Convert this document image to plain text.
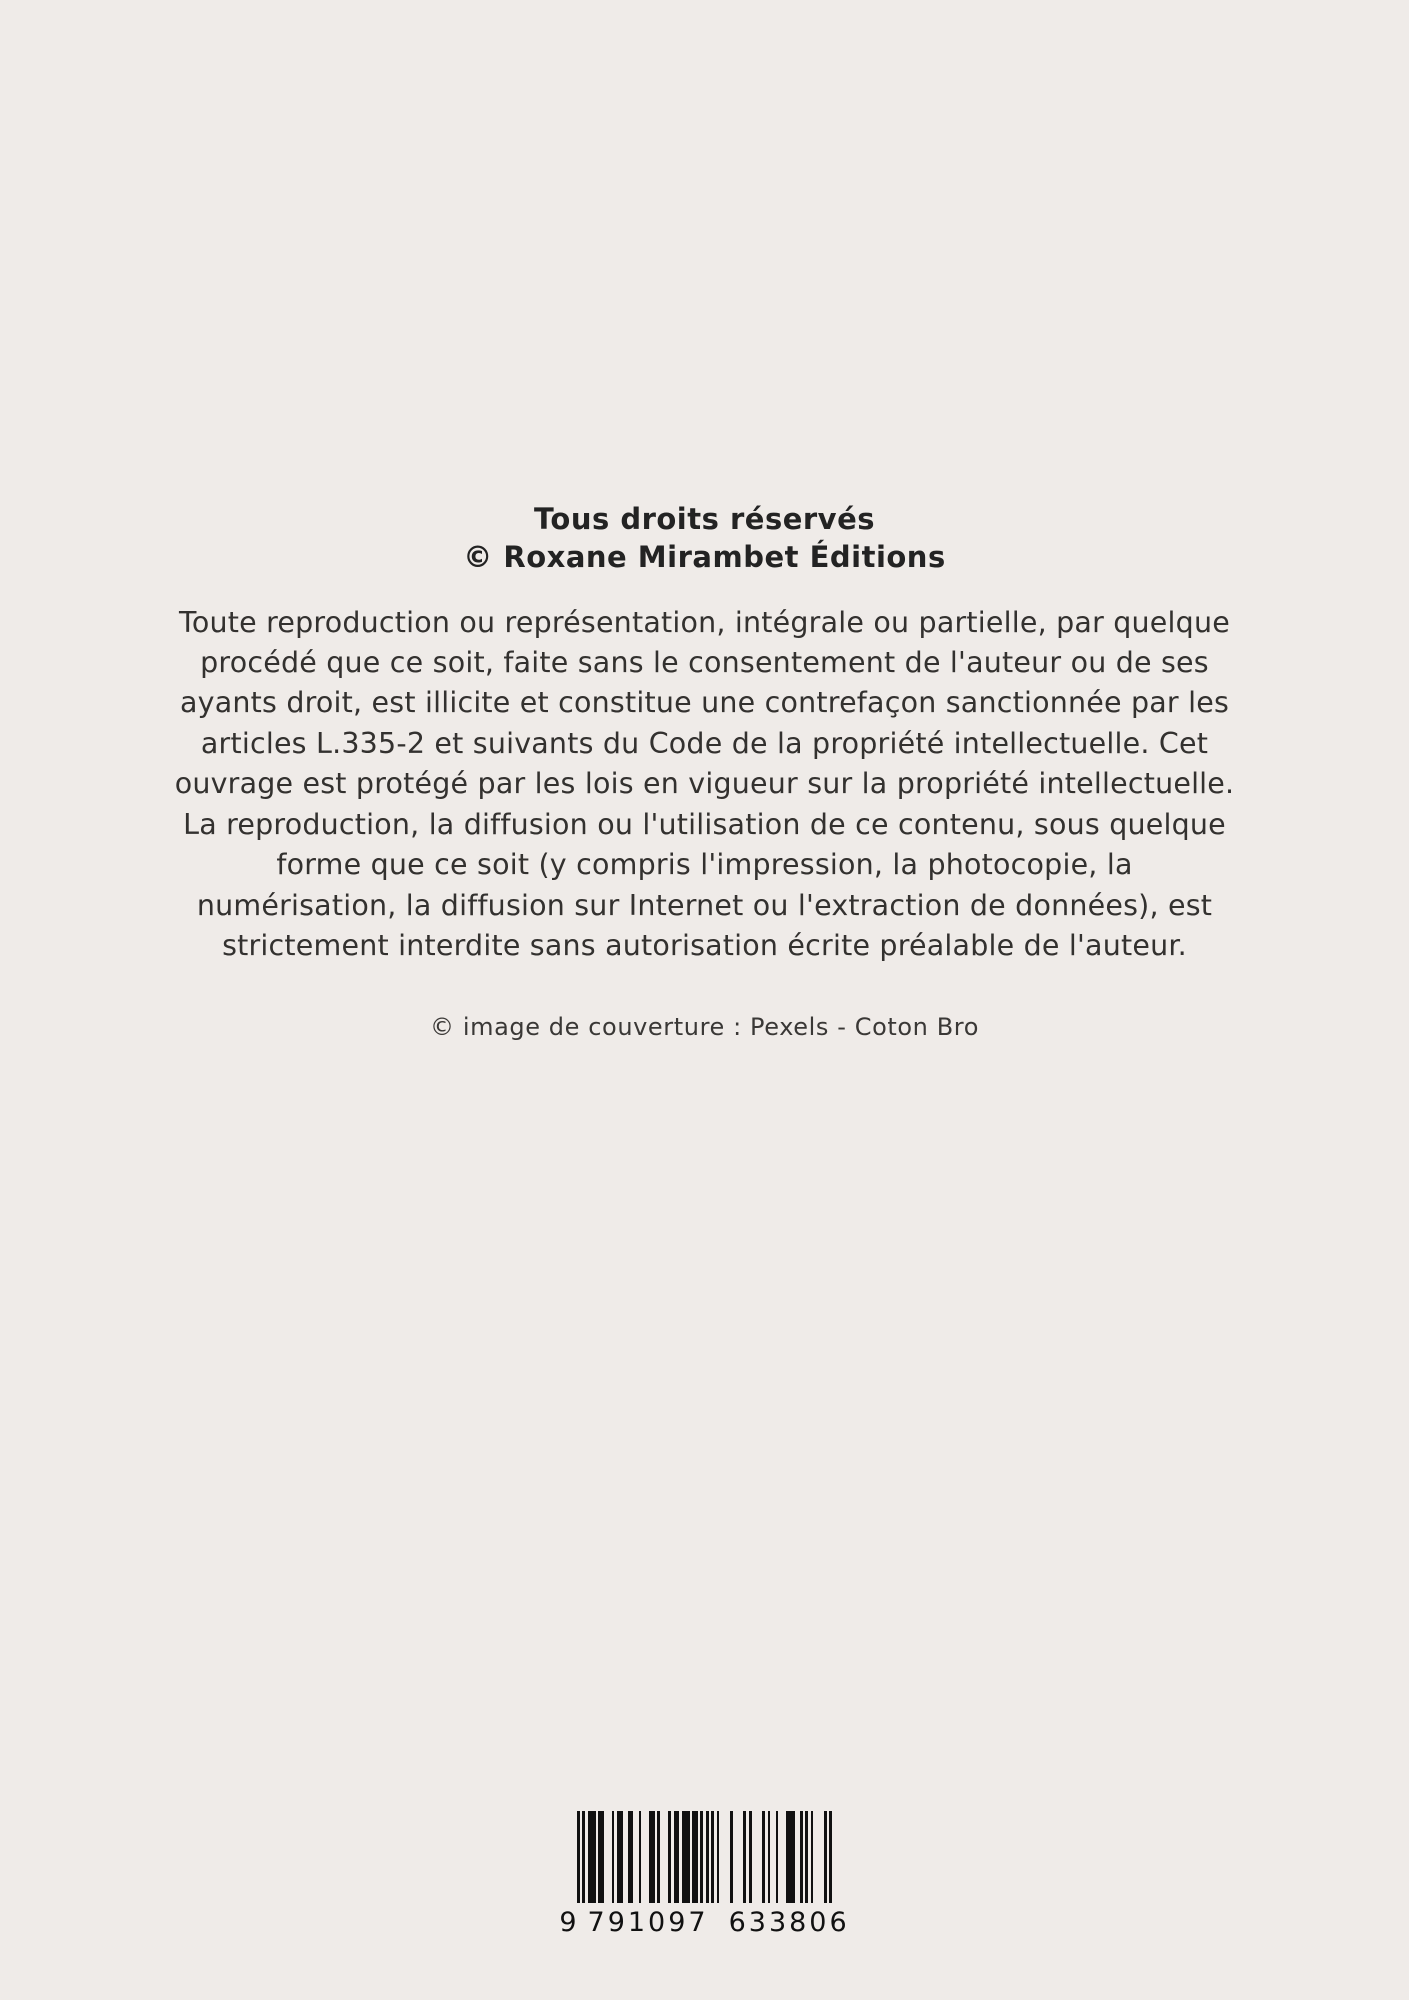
Tous droits réservés
© Roxane Mirambet Éditions

Toute reproduction ou représentation, intégrale ou partielle, par quelque procédé que ce soit, faite sans le consentement de l'auteur ou de ses ayants droit, est illicite et constitue une contrefaçon sanctionnée par les articles L.335-2 et suivants du Code de la propriété intellectuelle. Cet ouvrage est protégé par les lois en vigueur sur la propriété intellectuelle. La reproduction, la diffusion ou l'utilisation de ce contenu, sous quelque forme que ce soit (y compris l'impression, la photocopie, la numérisation, la diffusion sur Internet ou l'extraction de données), est strictement interdite sans autorisation écrite préalable de l'auteur.

© image de couverture : Pexels - Coton Bro

9 791097 633806
